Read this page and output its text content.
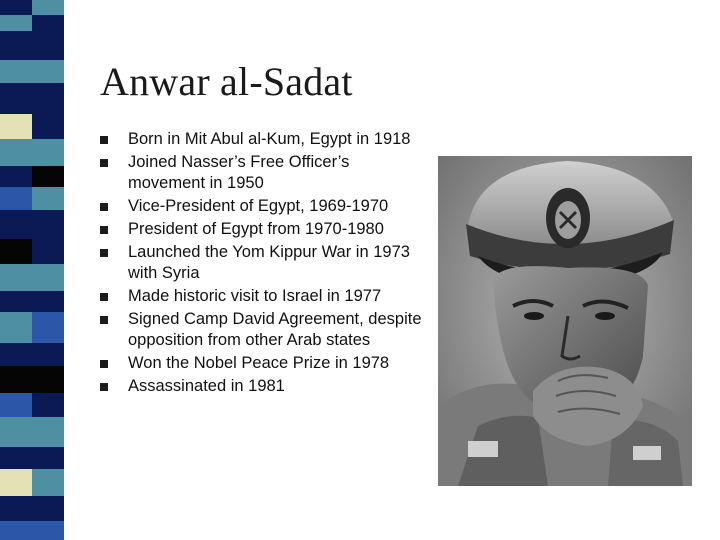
Anwar al-Sadat
Born in Mit Abul al-Kum, Egypt in 1918
Joined Nasser’s Free Officer’s movement in 1950
Vice-President of Egypt, 1969-1970
President of Egypt from 1970-1980
Launched the Yom Kippur War in 1973 with Syria
Made historic visit to Israel in 1977
Signed Camp David Agreement, despite opposition from other Arab states
Won the Nobel Peace Prize in 1978
Assassinated in 1981
